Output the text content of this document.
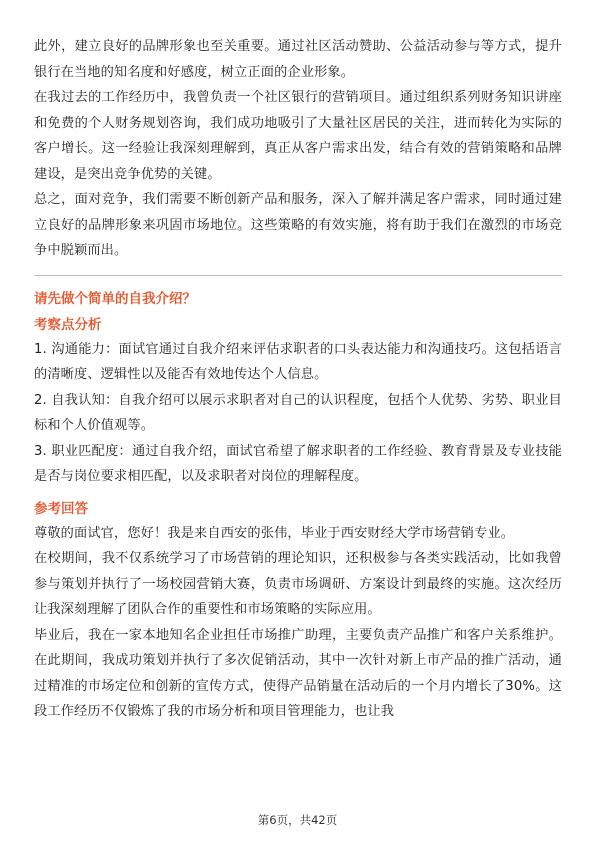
此外，建立良好的品牌形象也至关重要。通过社区活动赞助、公益活动参与等方式，提升银行在当地的知名度和好感度，树立正面的企业形象。

在我过去的工作经历中，我曾负责一个社区银行的营销项目。通过组织系列财务知识讲座和免费的个人财务规划咨询，我们成功地吸引了大量社区居民的关注，进而转化为实际的客户增长。这一经验让我深刻理解到，真正从客户需求出发，结合有效的营销策略和品牌建设，是突出竞争优势的关键。

总之，面对竞争，我们需要不断创新产品和服务，深入了解并满足客户需求，同时通过建立良好的品牌形象来巩固市场地位。这些策略的有效实施，将有助于我们在激烈的市场竞争中脱颖而出。

请先做个简单的自我介绍？
考察点分析

1. 沟通能力：面试官通过自我介绍来评估求职者的口头表达能力和沟通技巧。这包括语言的清晰度、逻辑性以及能否有效地传达个人信息。

2. 自我认知：自我介绍可以展示求职者对自己的认识程度，包括个人优势、劣势、职业目标和个人价值观等。

3. 职业匹配度：通过自我介绍，面试官希望了解求职者的工作经验、教育背景及专业技能是否与岗位要求相匹配，以及求职者对岗位的理解程度。

参考回答

尊敬的面试官，您好！我是来自西安的张伟，毕业于西安财经大学市场营销专业。

在校期间，我不仅系统学习了市场营销的理论知识，还积极参与各类实践活动，比如我曾参与策划并执行了一场校园营销大赛，负责市场调研、方案设计到最终的实施。这次经历让我深刻理解了团队合作的重要性和市场策略的实际应用。

毕业后，我在一家本地知名企业担任市场推广助理，主要负责产品推广和客户关系维护。在此期间，我成功策划并执行了多次促销活动，其中一次针对新上市产品的推广活动，通过精准的市场定位和创新的宣传方式，使得产品销量在活动后的一个月内增长了30%。这段工作经历不仅锻炼了我的市场分析和项目管理能力，也让我

第6页，共42页
